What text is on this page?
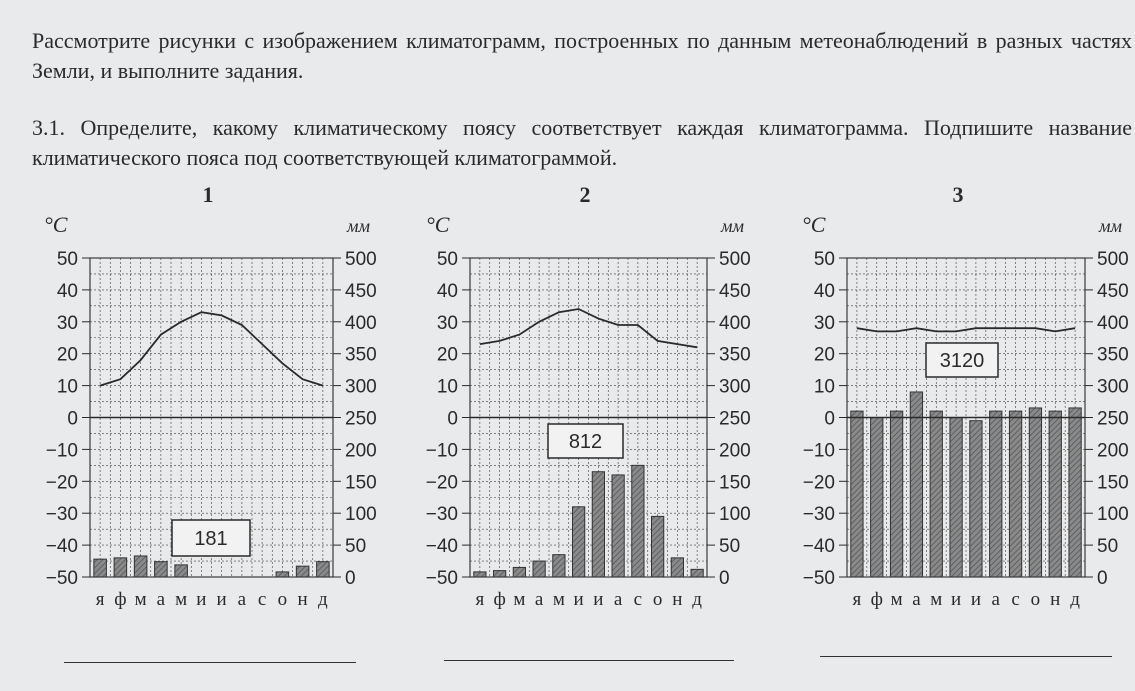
Рассмотрите рисунки с изображением климатограмм, построенных по данным метеонаблюдений в разных частях Земли, и выполните задания.

3.1. Определите, какому климатическому поясу соответствует каждая климатограмма. Подпишите название климатического пояса под соответствующей климатограммой.

1
°C	мм
50
40
30
20
10
0
−10
−20
−30
−40
−50
500
450
400
350
300
250
200
150
100
50
0
я ф м а м и и а с о н д
181
2
°C	мм
50
40
30
20
10
0
−10
−20
−30
−40
−50
500
450
400
350
300
250
200
150
100
50
0
я ф м а м и и а с о н д
812
3
°C	мм
50
40
30
20
10
0
−10
−20
−30
−40
−50
500
450
400
350
300
250
200
150
100
50
0
я ф м а м и и а с о н д
3120
